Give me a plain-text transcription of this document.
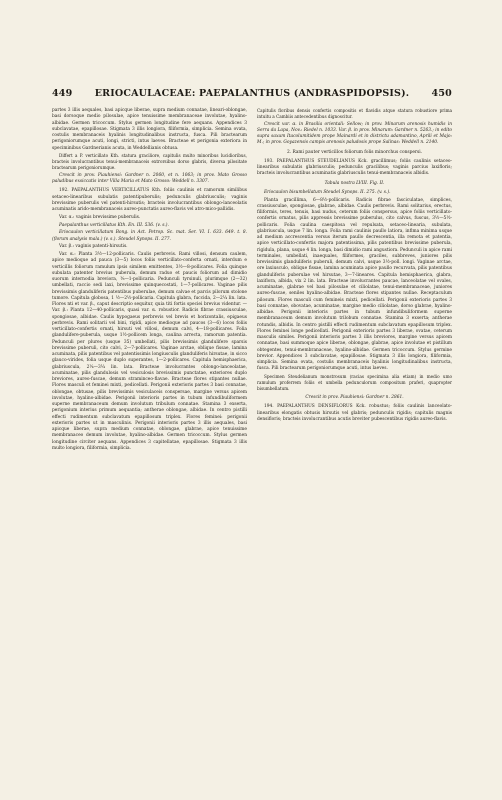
449 ERIOCAULACEAE: PAEPALANTHUS (ANDRASPIDOPSIS). 450

partes 3 illis aequales, basi apicque liberae, supra medium connatae, lineari-oblongae, basi dorsoque medio pilosulae, apice tenuissime membranaceae involutae, hyalino-albidae. Germen tricoccum. Stylus germen longitudine fere aequans. Appendices 3 subclavatae, epapillosae. Stigmata 3 illis longiora, filiformia, simplicia. Semina ovata, costulis membranaceis hyalinis longitudinalibus instructa, fusca. Pili bractearum perigoniorumque acuti, longi, stricti, intus laeves. Bracteae et perigonia exteriora in speciminibus Gardnerianis acuta, in Weddellianis obtusa.

Differt a P. verticillato Kth. statura graciliore, capitulis multo minoribus lucidioribus, bracteis involucrantibus tenui-membranaceis extrorsibus dorso glabris, diversa pilositate bractearum perigoniorumque.

Crescit in prov. Piauhiensi: Gardner n. 2060, et n. 1063; in prov. Mato Grosso paludibus exsiccatis inter Villa Maria et Mato Grosso: Weddell n. 3307.

192. PAEPALANTHUS VERTICILLATUS Kth. foliis caulinis et ramorum similibus setaceo-linearibus subulatis patentipuberulis; pedunculis glabriusculis; vaginis brevissime puberulis vel patenti-hirsutis; bracteis involucrantibus oblongo-lanceolatis acuminatis arido-membranaceis aureo-punctatis aureo-flavis vel atro-mico-pallidis.

Var. α.: vaginis brevissime puberulis.

Paepalanthus verticillatus Kth. En. III. 536. (v. s.).

Eriocaulon verticillatum Bong. in Act. Petrop. Sc. mat. Ser. VI. I. 633. 649. t. 8. (florum analysis mala.) (v. s.). Steudel Synops. II. 277.

Var. β.: vaginis patenti-hirsutis.

Var. α.: Planta 3½—12-pollicaris. Caulis perbrevis. Rami villosi, densum caulem, apice medioque ad pauca (3—5) locos foliis verticillato-conferta ornati, interdum e verticillis foliorum ramulum ipsis similem emittentes, 3½—8-pollicares. Folia quinque subulata patenter brevius puberula, demum raduo et paucis foliorum ad dimidio suorum internodia breviora, ⅜—1-pollicaria. Pedunculi tyrsinuli, plurimque (2—32) umbellati, raccio sedi laxi, brevissime quinquecostati, 1—7-pollicares. Vaginae pilis brevissimis glanduliferis patentibus puberulae, demum calvae et parcis pilorum stolone tumore. Capitula globosa, 1 ½—2½-pollicaria. Capitula glabra, fuccida, 2—2¼ lin. lata. Flores nti et var. β., caput descriptio sequitur, quia titi fortis speciei brevius videntur. — Var. β.: Planta 12—40-pollicaris, quasi var. α. robustior. Radicis fibrae crassiusculae, spongiosae, albidae. Caulis hypogaeus perbrevis vel brevis et horizontalis, epigaeus perbrevis. Rami solitarii vel bini, rigidi, apice medioque ad paucos (3—6) locos foliis verticillato-confertis ornati, hirsuti vel villosi, demum calvi, 4—18-pollicares. Folia glandulifere-puberula, usque 1½-pollicem longa, caulina arrecta, ramorum patentia. Pedunculi per plures (usque 35) umbellati, pilis brevissimis glandulifere sparsis brevissime puberuli, cito calvi, 2—7-pollicares. Vaginae arctae, oblique fissae, lamina acuminata, pilis patentibus vel patentissimis longiusculis glanduliferis hirsutae, in sicco glauco-virides, folia usque duplo superantes, 1—2-pollicares. Capitula hemisphaerica, glabriuscula, 2¼—3¼ lin. lata. Bracteae involucrantes oblongo-lanceolatae, acuminatae, pilis glandulosis vel vesiculosis brevissimis punctatae, exteriores duplo breviores, aureo-fuscae, demum straminceo-flavae. Bracteae flores stipantes nullae. Flores masculi et feminei mixti, pedicellati. Perigonii exterioris partes 3 basi connatae, oblongae, obtusae, pilis brevissimis vesiculaceis conspersae, margine versus apicem involutae, hyalino-albidae. Perigonii interioris partes in tubum infundibuliformem superne membranaceum demum involutum tribulum connatae. Stamina 3 exserta, perigonium interius primum aequantia; antherae oblongae, albidae. In centro pistilli effecti rudimentum subclavatum epapillosum triplex. Flores feminei: perigonii exterioris partes ut in masculinis. Perigonii interioris partes 3 illis aequales, basi apicque liberae, supra medium connatae, oblongae, glabrae, apice tenuissime membranaceo demum involutae, hyalino-albidae. Germen tricoccum. Stylus germen longitudine circiter aequans. Appendices 3 capitellatae, epapillosae. Stigmata 3 illis multo longiora, filiformia, simplicia.

Capitulis floribus densis confertis compositis et flavidis atque statura robustiore prima intuitu a Cambiis antecedentibus dignoscitur.

Crescit var. α. in Brasilia orientali: Sellow; in prov. Minarum arenosis humidis in Serra da Lapa, Nov.: Riedel n. 1033. Var. β. in prov. Minarum: Gardner n. 5263.; in edito supra saxum Itacolumitidem prope Mainardi et in districtu adamantino, Aprili et Majo: M.; in prov. Goyazensis campis arenosis paludosis prope Salinas: Weddell n. 2140.

2. Rami pauter verticillos foliorum folis minorchus conspersi.

193. PAEPALANTHUS STEUDELIANUS Kck. gracillimus; foliis caulinis setaceo-linearibus subulatis glabriusculis; pedunculis gracilibus; vaginis parcius laxifloris; bracteis involucrantibus acuminatis glabriusculis tenui-membranaceis albidis.

Tabula nostra LVIII. Fig. II.

Eriocaulon bisumbellatum Steudel Synops. II. 275. (v. s.).

Planta gracillima, 6—8½-pollicaris. Radicis fibrae fasciculatae, simplices, crassiusculae, spongiosae, glabrae, albidae. Caulis perbrevis. Rami solitarius, erectus, filiformis, teres, tenuis, basi nudus, ceterum foliis conspersus, apice foliis verticillato-confertis ornatus, pilis appressis brevissime puberulus, cito calvus, fuscus, 3½—5½-pollicaris. Folia caulina caespitosa vel repulsata, setaceo-linearia, subulata, glabriuscula, usque 7 lin. longa. Folia rami caulinis paullo latiora, infima minima usque ad medium accrescentia versus iterum paullo decrescentia, illa remota et patentia, apice verticillato-confertis majora patentissima, pilis patentibus brevissime puberula, rigidula, plana, usque 4 lin. longa, basi dimidio rami angustiora. Pedunculi in apice rami terminales, umbellati, inaequales, filiformes, graciles, subbreves, juniores pilis brevissimis glanduliferis puberuli, demum calvi, usque 3½-poll. longi. Vaginae arctae, ore laxiusculo, oblique fissae, lamina acuminata apice paullo recurvata, pilis patentibus glanduliferis puberulae vel hirsutae, 3—7-lineares. Capitula hemisphaerica, glabra, laxiflora, albida, vix 2 lin. lata. Bracteae involucrantes paucae, lanceolatae vel ovales, acuminatae, glabrae vel basi pilosulae et ciliolatae, tenui-membranaceae, juniores aureo-fuscae, seniles hyalino-albidae. Bracteae flores stipantes nullae. Receptaculum pilosum. Flores masculi cum femineis mixti, pedicellati. Perigonii exterioris partes 3 basi connatae, obovatae, acuminatae, margine medio ciliolatae, dorso glabrae, hyalino-albidae. Perigonii interioris partes in tubum infundibuliformem superne membranaceum demum involutum trilobum connatae. Stamina 3 exserta; antherae rotundis, albidis. In centro pistilli effecti rudimentum subclavatum epapillosum triplex. Flores feminei longe pedicellati. Perigonii exterioris partes 3 liberae, ovatae, ceterum masculis similes. Perigonii interioris partes 3 illis breviores, margine versus apicem connatae, basi summoque apice liberae, oblongae, glabrae, apice involutae et pistillum obtegentes, tenui-membranaceae, hyalino-albidae. Germen tricoccum. Stylus germine brevior. Appendices 3 subclavatae, epapillosae. Stigmata 3 illis longiora, filiformia, simplicia. Semina ovata, costulis membranaceis hyalinis longitudinalibus instructa, fusca. Pili bractearum perigoniorumque acuti, intus laeves.

Specimen Steudelianum monstrosum (racias specimina alia etiam) in medio umo ramulum proferrem foliis et umbella pedunculorum compositum praferi, quapropter bisumbellatum.

Crescit in prov. Piauhiensi: Gardner n. 2861.

194. PAEPALANTHUS DENSIFLORUS Kck. robustus; foliis caulinis lanceolato-linearibus elongatis obtusis hirsutis vel glabris; pedunculis rigidis; capitulis magnis densifloris; bracteis involucrantibus acutis breviter pubescentibus rigidis aureo-flavis.
